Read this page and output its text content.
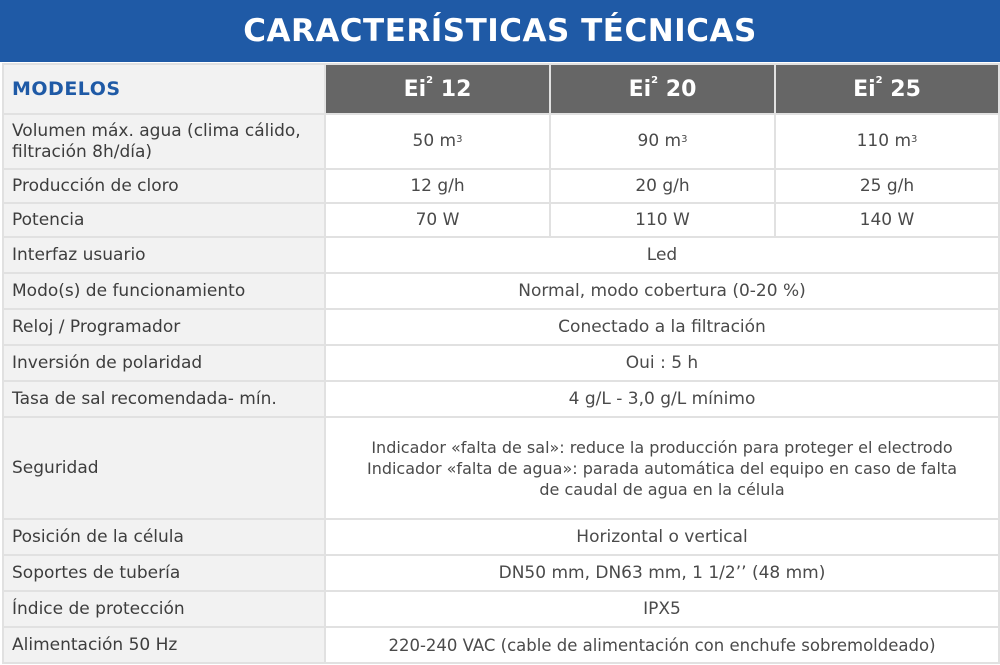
CARACTERÍSTICAS TÉCNICAS
MODELOS	Ei$^2$ 12	Ei$^2$ 20	Ei$^2$ 25
Volumen máx. agua (clima cálido,
filtración 8h/día)	50 $m^3$	90 $m^3$	110 $m^3$
Producción de cloro	12 g/h	20 g/h	25 g/h
Potencia	70 W	110 W	140 W
Interfaz usuario	Led		
Modo(s) de funcionamiento	Normal, modo cobertura (0-20 %)		
Reloj / Programador	Conectado a la filtración		
Inversión de polaridad	Oui : 5 h		
Tasa de sal recomendada- mín.	4 g/L - 3,0 g/L mínimo		
Seguridad	Indicador «falta de sal»: reduce la producción para proteger el electrodo
Indicador «falta de agua»: parada automática del equipo en caso de falta
de caudal de agua en la célula		
Posición de la célula	Horizontal o vertical		
Soportes de tubería	DN50 mm, DN63 mm, 1 1/2’’ (48 mm)		
Índice de protección	IPX5		
Alimentación 50 Hz	220-240 VAC (cable de alimentación con enchufe sobremoldeado)		
